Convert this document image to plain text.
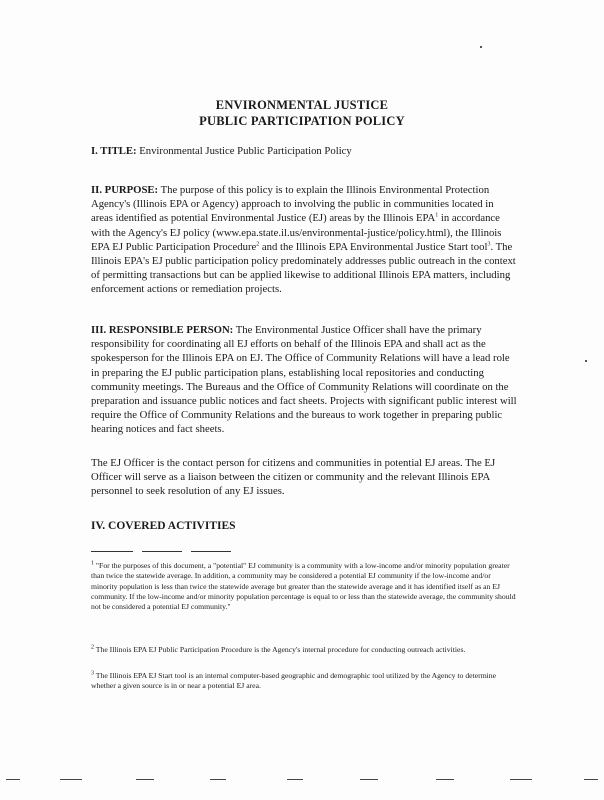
ENVIRONMENTAL JUSTICE
PUBLIC PARTICIPATION POLICY
I. TITLE: Environmental Justice Public Participation Policy
II. PURPOSE: The purpose of this policy is to explain the Illinois Environmental Protection Agency's (Illinois EPA or Agency) approach to involving the public in communities located in areas identified as potential Environmental Justice (EJ) areas by the Illinois EPA$^1$ in accordance with the Agency's EJ policy (www.epa.state.il.us/environmental-justice/policy.html), the Illinois EPA EJ Public Participation Procedure$^2$ and the Illinois EPA Environmental Justice Start tool$^3$. The Illinois EPA's EJ public participation policy predominately addresses public outreach in the context of permitting transactions but can be applied likewise to additional Illinois EPA matters, including enforcement actions or remediation projects.
III. RESPONSIBLE PERSON: The Environmental Justice Officer shall have the primary responsibility for coordinating all EJ efforts on behalf of the Illinois EPA and shall act as the spokesperson for the Illinois EPA on EJ. The Office of Community Relations will have a lead role in preparing the EJ public participation plans, establishing local repositories and conducting community meetings. The Bureaus and the Office of Community Relations will coordinate on the preparation and issuance public notices and fact sheets. Projects with significant public interest will require the Office of Community Relations and the bureaus to work together in preparing public hearing notices and fact sheets.
The EJ Officer is the contact person for citizens and communities in potential EJ areas. The EJ Officer will serve as a liaison between the citizen or community and the relevant Illinois EPA personnel to seek resolution of any EJ issues.
IV. COVERED ACTIVITIES
$^1$ "For the purposes of this document, a "potential" EJ community is a community with a low-income and/or minority population greater than twice the statewide average. In addition, a community may be considered a potential EJ community if the low-income and/or minority population is less than twice the statewide average but greater than the statewide average and it has identified itself as an EJ community. If the low-income and/or minority population percentage is equal to or less than the statewide average, the community should not be considered a potential EJ community."
$^2$ The Illinois EPA EJ Public Participation Procedure is the Agency's internal procedure for conducting outreach activities.
$^3$ The Illinois EPA EJ Start tool is an internal computer-based geographic and demographic tool utilized by the Agency to determine whether a given source is in or near a potential EJ area.
